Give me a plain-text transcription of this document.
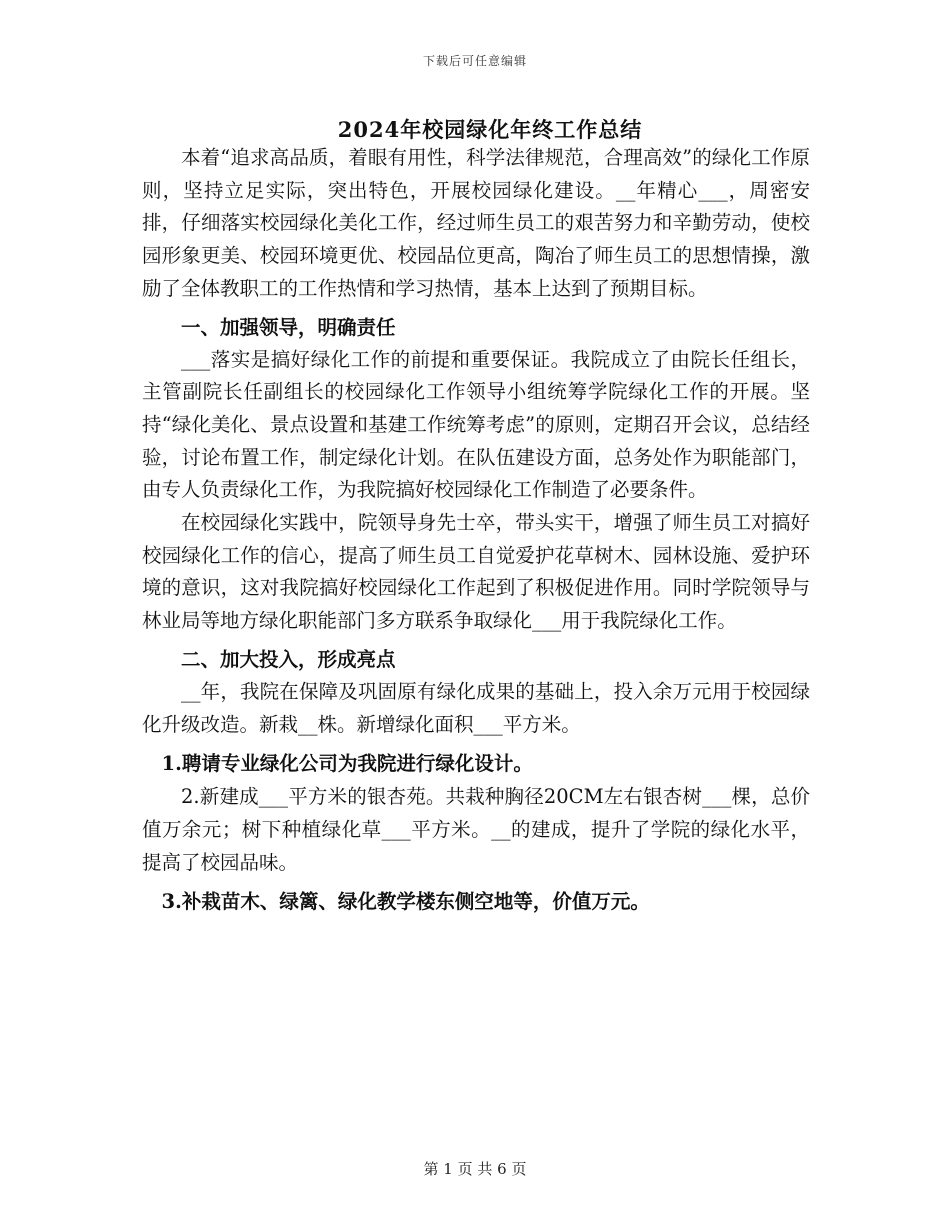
下载后可任意编辑
2024年校园绿化年终工作总结

本着“追求高品质，着眼有用性，科学法律规范，合理高效”的绿化工作原则，坚持立足实际，突出特色，开展校园绿化建设。__年精心___，周密安排，仔细落实校园绿化美化工作，经过师生员工的艰苦努力和辛勤劳动，使校园形象更美、校园环境更优、校园品位更高，陶冶了师生员工的思想情操，激励了全体教职工的工作热情和学习热情，基本上达到了预期目标。

一、加强领导，明确责任

___落实是搞好绿化工作的前提和重要保证。我院成立了由院长任组长，主管副院长任副组长的校园绿化工作领导小组统筹学院绿化工作的开展。坚持“绿化美化、景点设置和基建工作统筹考虑”的原则，定期召开会议，总结经验，讨论布置工作，制定绿化计划。在队伍建设方面，总务处作为职能部门，由专人负责绿化工作，为我院搞好校园绿化工作制造了必要条件。

在校园绿化实践中，院领导身先士卒，带头实干，增强了师生员工对搞好校园绿化工作的信心，提高了师生员工自觉爱护花草树木、园林设施、爱护环境的意识，这对我院搞好校园绿化工作起到了积极促进作用。同时学院领导与林业局等地方绿化职能部门多方联系争取绿化___用于我院绿化工作。

二、加大投入，形成亮点

__年，我院在保障及巩固原有绿化成果的基础上，投入余万元用于校园绿化升级改造。新栽__株。新增绿化面积___平方米。

1.聘请专业绿化公司为我院进行绿化设计。

2.新建成___平方米的银杏苑。共栽种胸径20CM左右银杏树___棵，总价值万余元；树下种植绿化草___平方米。__的建成，提升了学院的绿化水平，提高了校园品味。

3.补栽苗木、绿篱、绿化教学楼东侧空地等，价值万元。

第 1 页 共 6 页
